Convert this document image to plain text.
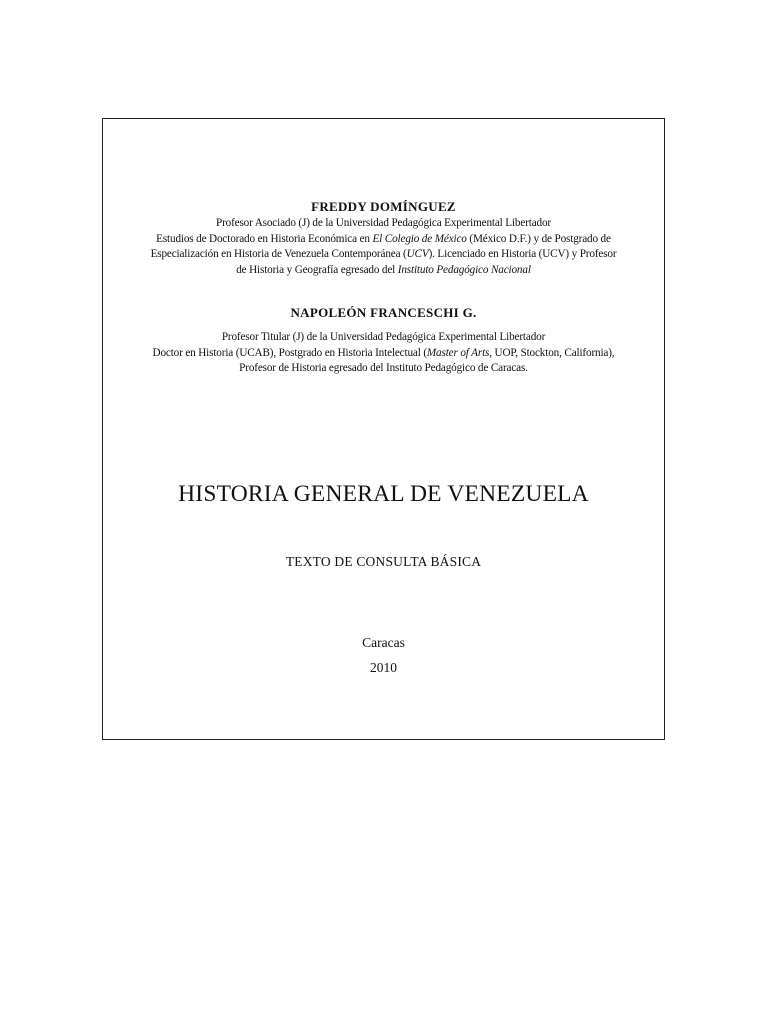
FREDDY DOMÍNGUEZ
Profesor Asociado (J) de la Universidad Pedagógica Experimental Libertador
Estudios de Doctorado en Historia Económica en El Colegio de México (México D.F.) y de Postgrado de
Especialización en Historia de Venezuela Contemporánea (UCV). Licenciado en Historia (UCV) y Profesor
de Historia y Geografía egresado del Instituto Pedagógico Nacional
NAPOLEÓN FRANCESCHI G.
Profesor Titular (J) de la Universidad Pedagógica Experimental Libertador
Doctor en Historia (UCAB), Postgrado en Historia Intelectual (Master of Arts, UOP, Stockton, California),
Profesor de Historia egresado del Instituto Pedagógico de Caracas.
HISTORIA GENERAL DE VENEZUELA
TEXTO DE CONSULTA BÁSICA
Caracas
2010
